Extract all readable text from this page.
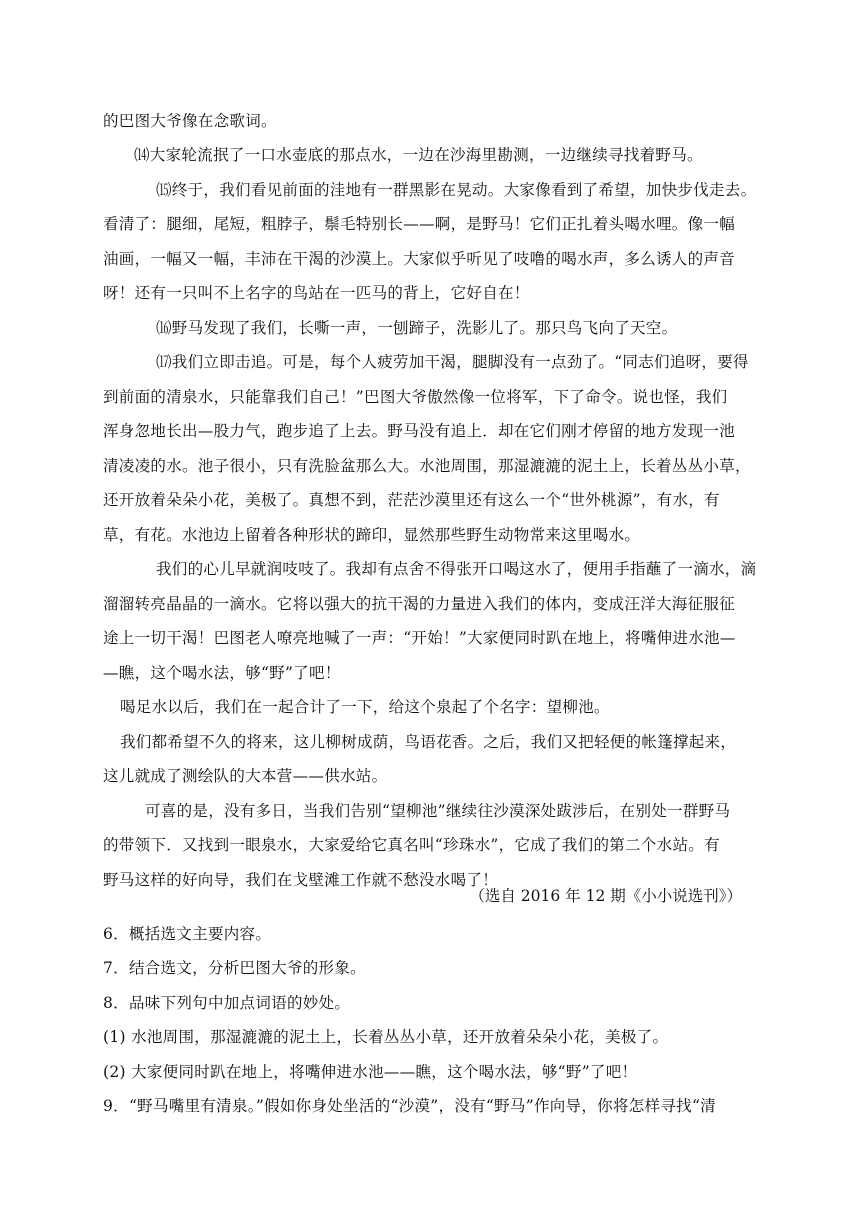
的巴图大爷像在念歌词。
⒁大家轮流抿了一口水壶底的那点水，一边在沙海里勘测，一边继续寻找着野马。
⒂终于，我们看见前面的洼地有一群黑影在晃动。大家像看到了希望，加快步伐走去。
看清了：腿细，尾短，粗脖子，鬃毛特别长——啊，是野马！它们正扎着头喝水哩。像一幅
油画，一幅又一幅，丰沛在干渴的沙漠上。大家似乎听见了吱噜的喝水声，多么诱人的声音
呀！还有一只叫不上名字的鸟站在一匹马的背上，它好自在！
⒃野马发现了我们，长嘶一声，一刨蹄子，洗影儿了。那只鸟飞向了天空。
⒄我们立即击追。可是，每个人疲劳加干渴，腿脚没有一点劲了。“同志们追呀，要得
到前面的清泉水，只能靠我们自己！”巴图大爷傲然像一位将军，下了命令。说也怪，我们
浑身忽地长出—股力气，跑步追了上去。野马没有追上．却在它们刚才停留的地方发现一池
清凌凌的水。池子很小，只有洗脸盆那么大。水池周围，那湿漉漉的泥土上，长着丛丛小草，
还开放着朵朵小花，美极了。真想不到，茫茫沙漠里还有这么一个“世外桃源”，有水，有
草，有花。水池边上留着各种形状的蹄印，显然那些野生动物常来这里喝水。
我们的心儿早就润吱吱了。我却有点舍不得张开口喝这水了，便用手指蘸了一滴水，滴
溜溜转亮晶晶的一滴水。它将以强大的抗干渴的力量进入我们的体内，变成汪洋大海征服征
途上一切干渴！巴图老人嘹亮地喊了一声：“开始！”大家便同时趴在地上，将嘴伸进水池—
—瞧，这个喝水法，够“野”了吧！
喝足水以后，我们在一起合计了一下，给这个泉起了个名字：望柳池。
我们都希望不久的将来，这儿柳树成荫，鸟语花香。之后，我们又把轻便的帐篷撑起来，
这儿就成了测绘队的大本营——供水站。
可喜的是，没有多日，当我们告别“望柳池”继续往沙漠深处跋涉后，在别处一群野马
的带领下．又找到一眼泉水，大家爱给它真名叫“珍珠水”，它成了我们的第二个水站。有
野马这样的好向导，我们在戈壁滩工作就不愁没水喝了！
（选自 2016 年 12 期《小小说选刊》）
6．概括选文主要内容。
7．结合选文，分析巴图大爷的形象。
8．品味下列句中加点词语的妙处。
(1) 水池周围，那湿漉漉的泥土上，长着丛丛小草，还开放着朵朵小花，美极了。
(2) 大家便同时趴在地上，将嘴伸进水池——瞧，这个喝水法，够“野”了吧！
9．“野马嘴里有清泉。”假如你身处坐活的“沙漠”，没有“野马”作向导，你将怎样寻找“清
